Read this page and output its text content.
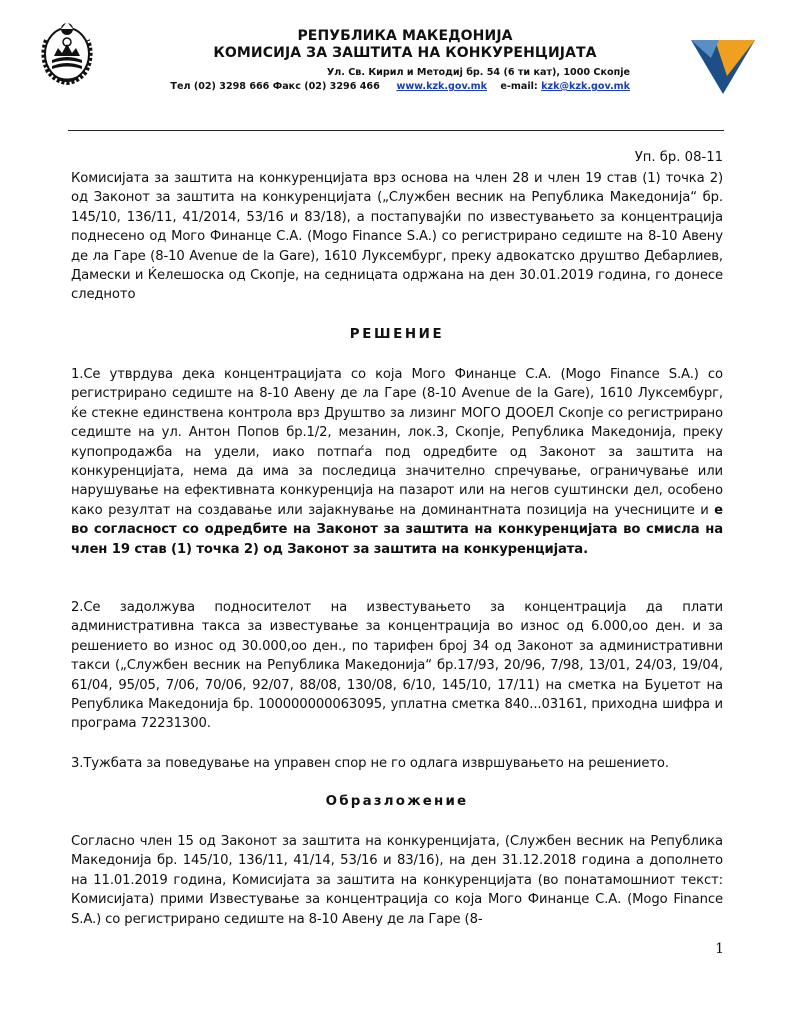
РЕПУБЛИКА МАКЕДОНИЈА
КОМИСИЈА ЗА ЗАШТИТА НА КОНКУРЕНЦИЈАТА
Ул. Св. Кирил и Методиј бр. 54 (6 ти кат), 1000 Скопје
Тел (02) 3298 666 Факс (02) 3296 466 www.kzk.gov.mk e-mail: kzk@kzk.gov.mk
Уп. бр. 08-11
Комисијата за заштита на конкуренцијата врз основа на член 28 и член 19 став (1) точка 2) од Законот за заштита на конкуренцијата („Службен весник на Република Македонија“ бр. 145/10, 136/11, 41/2014, 53/16 и 83/18), а постапувајќи по известувањето за концентрација поднесено од Мого Финанце С.А. (Mogo Finance S.A.) со регистрирано седиште на 8-10 Авену де ла Гаре (8-10 Avenue de la Gare), 1610 Луксембург, преку адвокатско друштво Дебарлиев, Дамески и Ќелешоска од Скопје, на седницата одржана на ден 30.01.2019 година, го донесе следното
РЕШЕНИЕ
1.Се утврдува дека концентрацијата со која Мого Финанце С.А. (Mogo Finance S.A.) со регистрирано седиште на 8-10 Авену де ла Гаре (8-10 Avenue de la Gare), 1610 Луксембург, ќе стекне единствена контрола врз Друштво за лизинг МОГО ДООЕЛ Скопје со регистрирано седиште на ул. Антон Попов бр.1/2, мезанин, лок.3, Скопје, Република Македонија, преку купопродажба на удели, иако потпаѓа под одредбите од Законот за заштита на конкуренцијата, нема да има за последица значително спречување, ограничување или нарушување на ефективната конкуренција на пазарот или на негов суштински дел, особено како резултат на создавање или зајакнување на доминантната позиција на учесниците и е во согласност со одредбите на Законот за заштита на конкуренцијата во смисла на член 19 став (1) точка 2) од Законот за заштита на конкуренцијата.
2.Се задолжува подносителот на известувањето за концентрација да плати административна такса за известување за концентрација во износ од 6.000,оо ден. и за решението во износ од 30.000,оо ден., по тарифен број 34 од Законот за административни такси („Службен весник на Република Македонија“ бр.17/93, 20/96, 7/98, 13/01, 24/03, 19/04, 61/04, 95/05, 7/06, 70/06, 92/07, 88/08, 130/08, 6/10, 145/10, 17/11) на сметка на Буџетот на Република Македонија бр. 100000000063095, уплатна сметка 840...03161, приходна шифра и програма 72231300.
3.Тужбата за поведување на управен спор не го одлага извршувањето на решението.
Образложение
Согласно член 15 од Законот за заштита на конкуренцијата, (Службен весник на Република Македонија бр. 145/10, 136/11, 41/14, 53/16 и 83/16), на ден 31.12.2018 година а дополнето на 11.01.2019 година, Комисијата за заштита на конкуренцијата (во понатамошниот текст: Комисијата) прими Известување за концентрација со која Мого Финанце С.А. (Mogo Finance S.A.) со регистрирано седиште на 8-10 Авену де ла Гаре (8-
1
